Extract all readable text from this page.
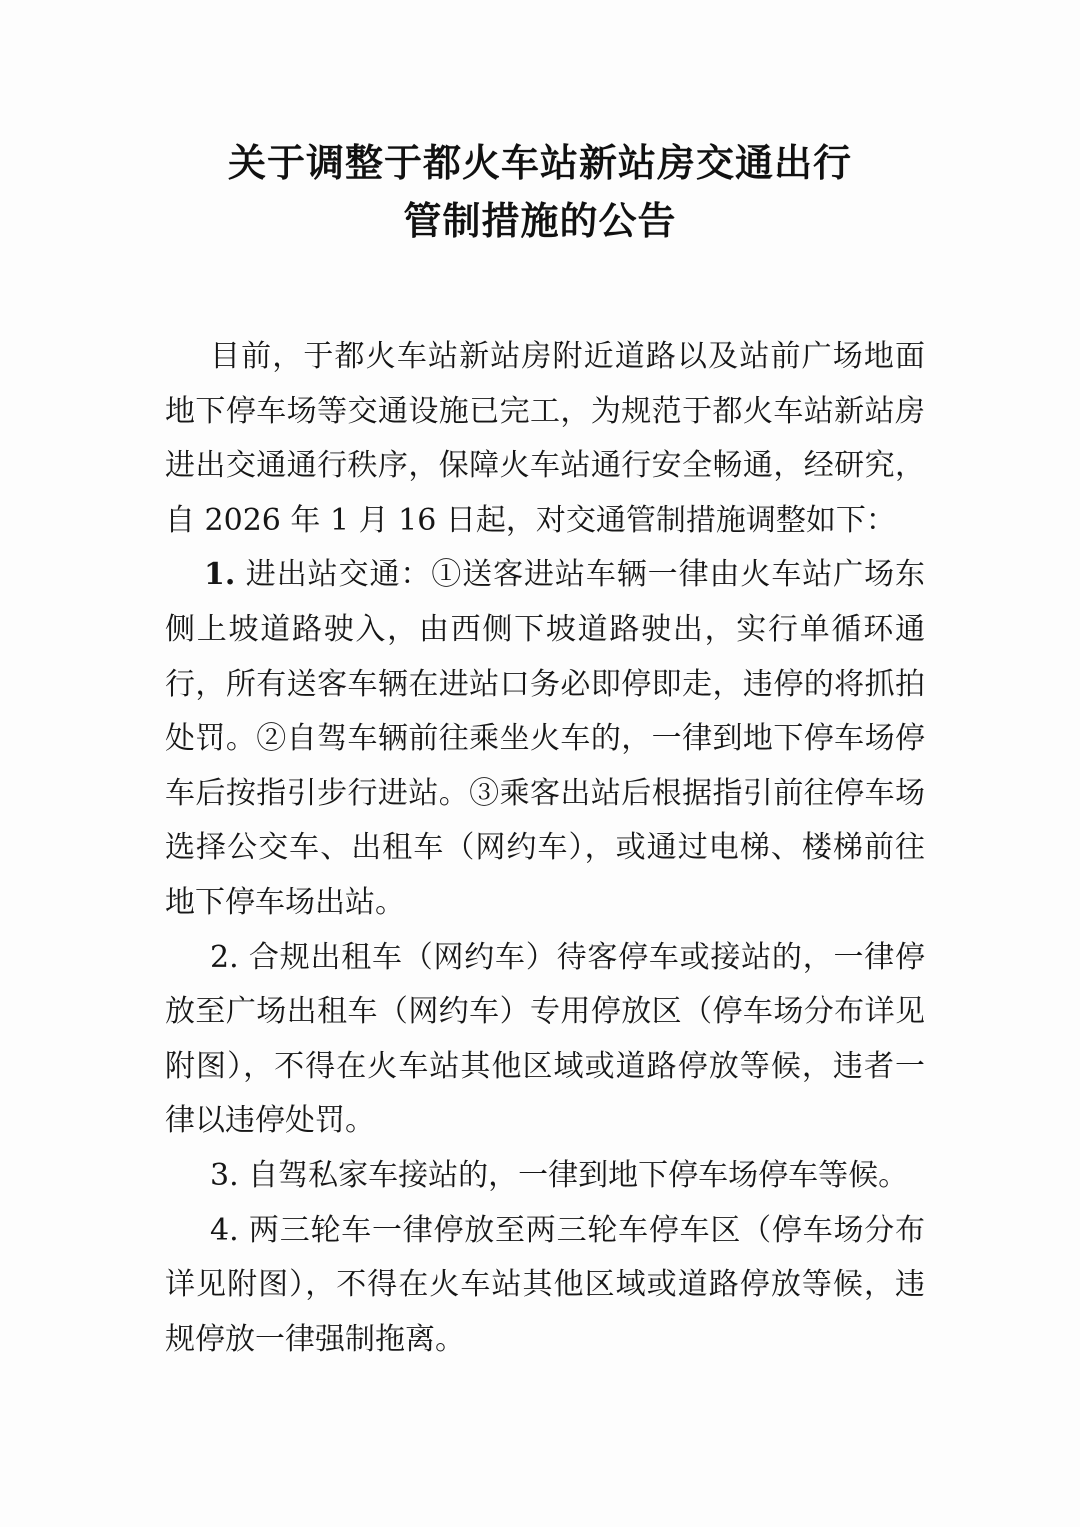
关于调整于都火车站新站房交通出行
管制措施的公告

目前，于都火车站新站房附近道路以及站前广场地面地下停车场等交通设施已完工，为规范于都火车站新站房进出交通通行秩序，保障火车站通行安全畅通，经研究，自 2026 年 1 月 16 日起，对交通管制措施调整如下：

1. 进出站交通：①送客进站车辆一律由火车站广场东侧上坡道路驶入，由西侧下坡道路驶出，实行单循环通行，所有送客车辆在进站口务必即停即走，违停的将抓拍处罚。②自驾车辆前往乘坐火车的，一律到地下停车场停车后按指引步行进站。③乘客出站后根据指引前往停车场选择公交车、出租车（网约车），或通过电梯、楼梯前往地下停车场出站。

2. 合规出租车（网约车）待客停车或接站的，一律停放至广场出租车（网约车）专用停放区（停车场分布详见附图），不得在火车站其他区域或道路停放等候，违者一律以违停处罚。

3. 自驾私家车接站的，一律到地下停车场停车等候。

4. 两三轮车一律停放至两三轮车停车区（停车场分布详见附图），不得在火车站其他区域或道路停放等候，违规停放一律强制拖离。
